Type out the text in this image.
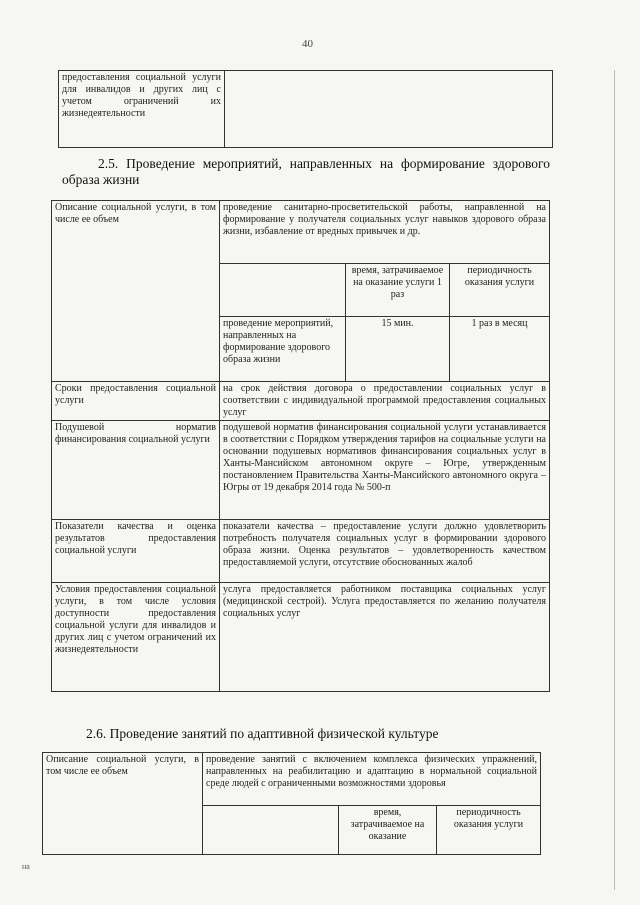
40
предоставления социальной услуги для инвалидов и других лиц с учетом ограничений их жизнедеятельности

2.5. Проведение мероприятий, направленных на формирование здорового образа жизни
Описание социальной услуги, в том числе ее объем	проведение санитарно-просветительской работы, направленной на формирование у получателя социальных услуг навыков здорового образа жизни, избавление от вредных привычек и др.		

		время, затрачиваемое на оказание услуги 1 раз	периодичность оказания услуги

	проведение мероприятий, направленных на формирование здорового образа жизни	15 мин.	1 раз в месяц

Сроки предоставления социальной услуги	на срок действия договора о предоставлении социальных услуг в соответствии с индивидуальной программой предоставления социальных услуг		

Подушевой норматив финансирования социальной услуги	подушевой норматив финансирования социальной услуги устанавливается в соответствии с Порядком утверждения тарифов на социальные услуги на основании подушевых нормативов финансирования социальных услуг в Ханты-Мансийском автономном округе – Югре, утвержденным постановлением Правительства Ханты-Мансийского автономного округа – Югры от 19 декабря 2014 года № 500-п		

Показатели качества и оценка результатов предоставления социальной услуги	показатели качества – предоставление услуги должно удовлетворить потребность получателя социальных услуг в формировании здорового образа жизни. Оценка результатов – удовлетворенность качеством предоставляемой услуги, отсутствие обоснованных жалоб		

Условия предоставления социальной услуги, в том числе условия доступности предоставления социальной услуги для инвалидов и других лиц с учетом ограничений их жизнедеятельности	услуга предоставляется работником поставщика социальных услуг (медицинской сестрой). Услуга предоставляется по желанию получателя социальных услуг		
2.6. Проведение занятий по адаптивной физической культуре
Описание социальной услуги, в том числе ее объем	проведение занятий с включением комплекса физических упражнений, направленных на реабилитацию и адаптацию в нормальной социальной среде людей с ограниченными возможностями здоровья		

		время, затрачиваемое на оказание	периодичность оказания услуги
на
